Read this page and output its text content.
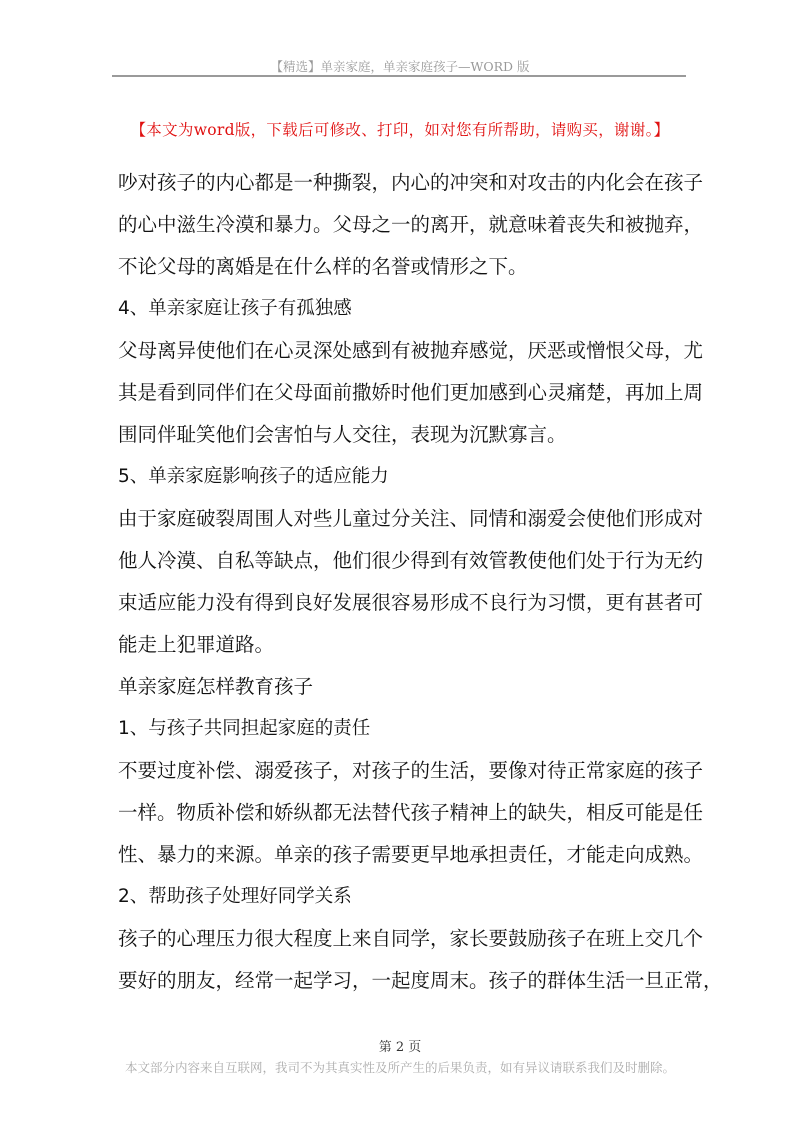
【精选】单亲家庭，单亲家庭孩子—WORD 版
【本文为word版，下载后可修改、打印，如对您有所帮助，请购买，谢谢。】
吵对孩子的内心都是一种撕裂，内心的冲突和对攻击的内化会在孩子
的心中滋生冷漠和暴力。父母之一的离开，就意味着丧失和被抛弃，
不论父母的离婚是在什么样的名誉或情形之下。
4、单亲家庭让孩子有孤独感
父母离异使他们在心灵深处感到有被抛弃感觉，厌恶或憎恨父母，尤
其是看到同伴们在父母面前撒娇时他们更加感到心灵痛楚，再加上周
围同伴耻笑他们会害怕与人交往，表现为沉默寡言。
5、单亲家庭影响孩子的适应能力
由于家庭破裂周围人对些儿童过分关注、同情和溺爱会使他们形成对
他人冷漠、自私等缺点，他们很少得到有效管教使他们处于行为无约
束适应能力没有得到良好发展很容易形成不良行为习惯，更有甚者可
能走上犯罪道路。
单亲家庭怎样教育孩子
1、与孩子共同担起家庭的责任
不要过度补偿、溺爱孩子，对孩子的生活，要像对待正常家庭的孩子
一样。物质补偿和娇纵都无法替代孩子精神上的缺失，相反可能是任
性、暴力的来源。单亲的孩子需要更早地承担责任，才能走向成熟。
2、帮助孩子处理好同学关系
孩子的心理压力很大程度上来自同学，家长要鼓励孩子在班上交几个
要好的朋友，经常一起学习，一起度周末。孩子的群体生活一旦正常，
第 2 页
本文部分内容来自互联网，我司不为其真实性及所产生的后果负责，如有异议请联系我们及时删除。
